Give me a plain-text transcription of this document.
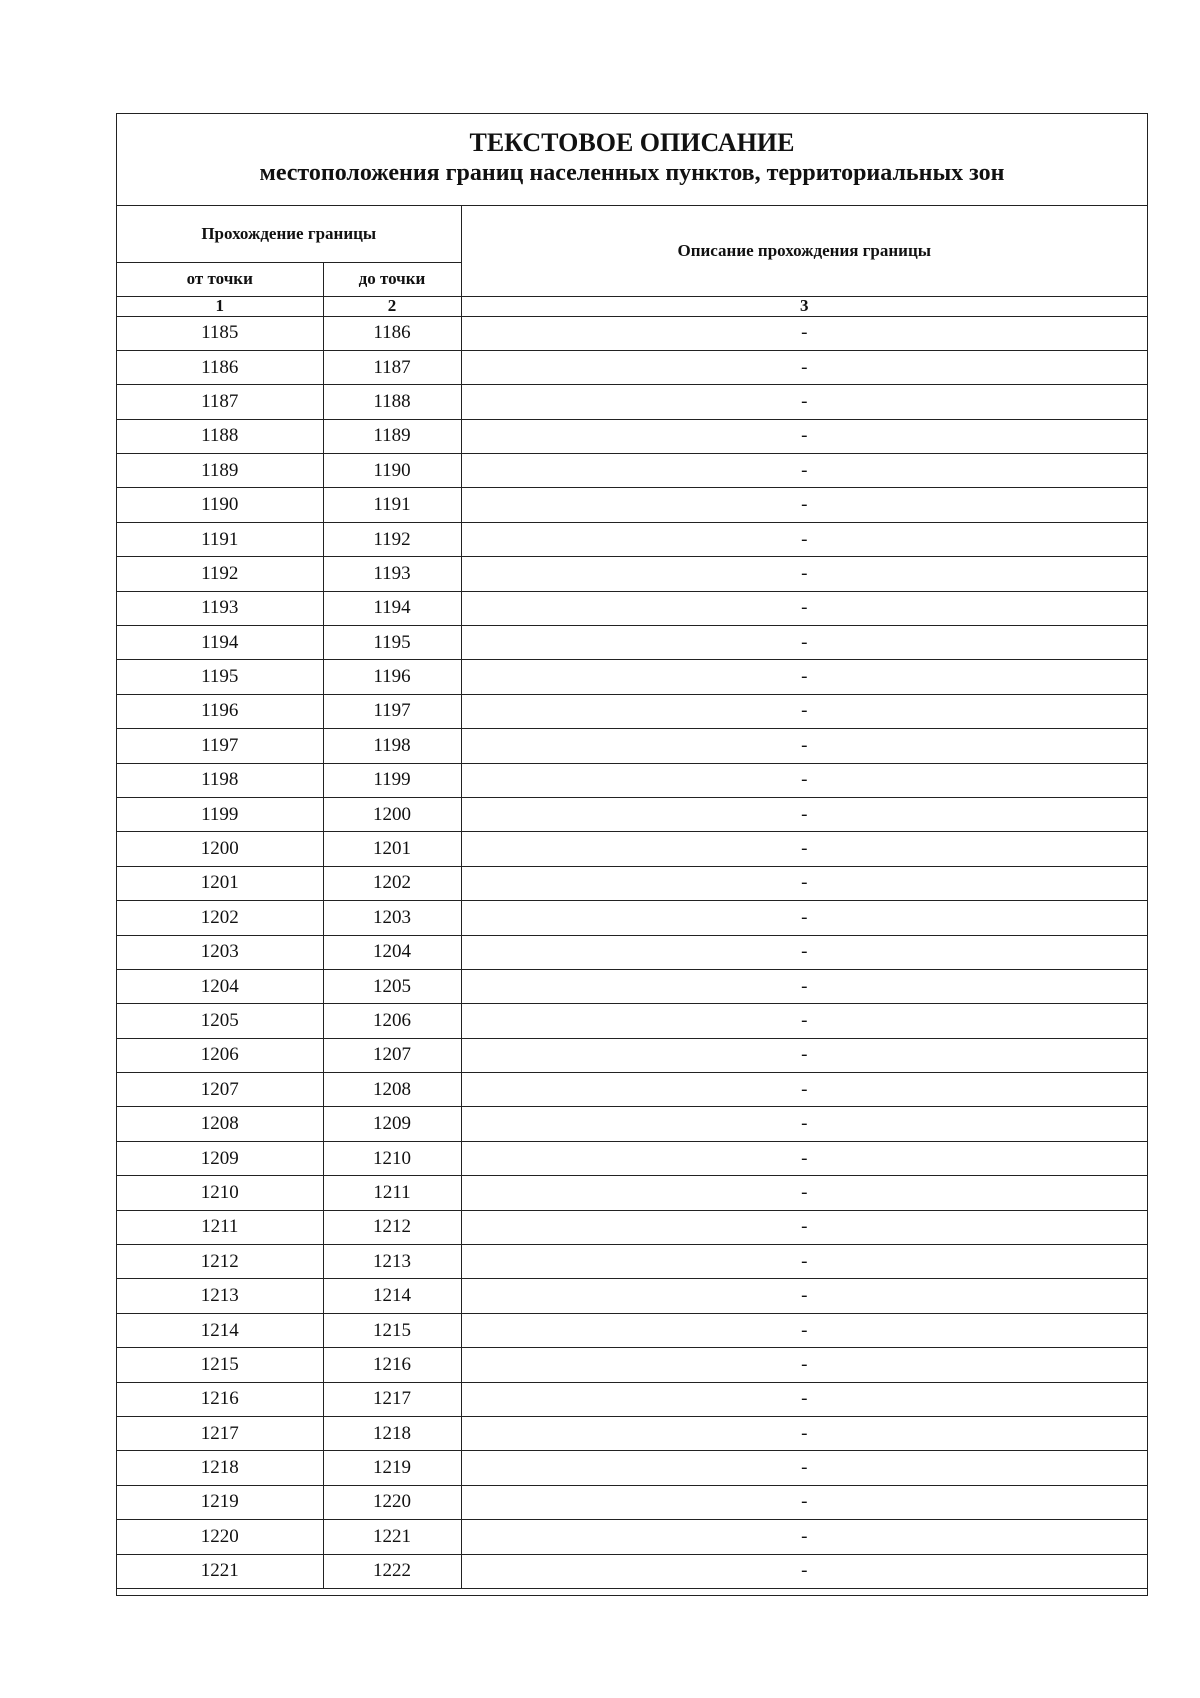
ТЕКСТОВОЕ ОПИСАНИЕ
местоположения границ населенных пунктов, территориальных зон
Прохождение границы		Описание прохождения границы
от точки	до точки	
1	2	3
1185	1186	-
1186	1187	-
1187	1188	-
1188	1189	-
1189	1190	-
1190	1191	-
1191	1192	-
1192	1193	-
1193	1194	-
1194	1195	-
1195	1196	-
1196	1197	-
1197	1198	-
1198	1199	-
1199	1200	-
1200	1201	-
1201	1202	-
1202	1203	-
1203	1204	-
1204	1205	-
1205	1206	-
1206	1207	-
1207	1208	-
1208	1209	-
1209	1210	-
1210	1211	-
1211	1212	-
1212	1213	-
1213	1214	-
1214	1215	-
1215	1216	-
1216	1217	-
1217	1218	-
1218	1219	-
1219	1220	-
1220	1221	-
1221	1222	-
